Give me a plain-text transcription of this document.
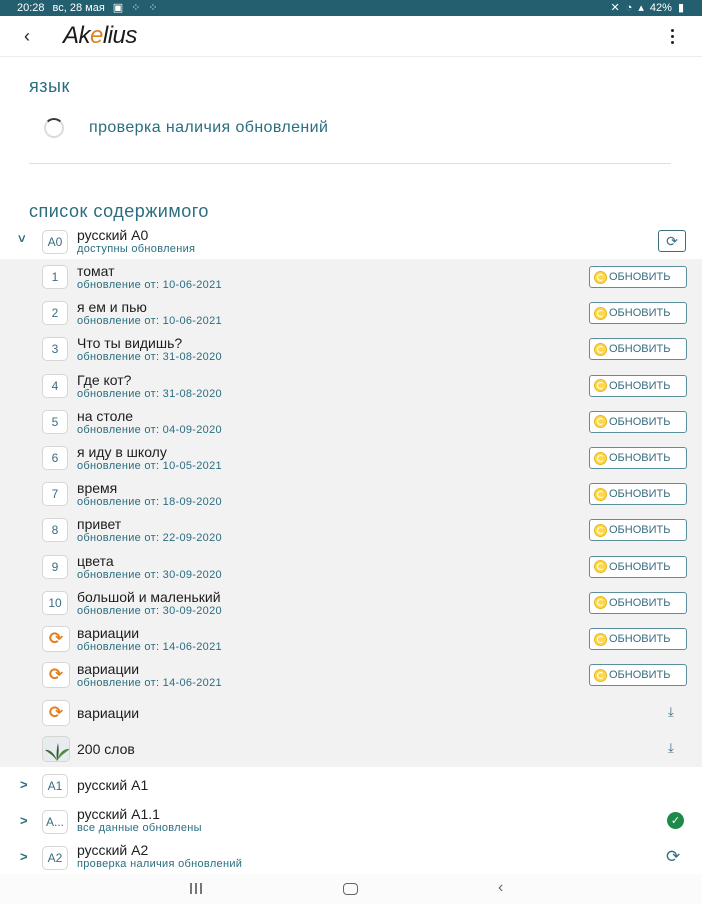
20:28 вс, 28 мая ▣ ⁘ ⁘	✕ ◔ ▴ 42% ▮
‹ Akelius
язык
проверка наличия обновлений
список содержимого
>	A0	русский A0
доступны обновления
⟳
1	томат
обновление от: 10-06-2021
ОБНОВИТЬ
2	я ем и пью
обновление от: 10-06-2021
ОБНОВИТЬ
3	Что ты видишь?
обновление от: 31-08-2020
ОБНОВИТЬ
4	Где кот?
обновление от: 31-08-2020
ОБНОВИТЬ
5	на столе
обновление от: 04-09-2020
ОБНОВИТЬ
6	я иду в школу
обновление от: 10-05-2021
ОБНОВИТЬ
7	время
обновление от: 18-09-2020
ОБНОВИТЬ
8	привет
обновление от: 22-09-2020
ОБНОВИТЬ
9	цвета
обновление от: 30-09-2020
ОБНОВИТЬ
10	большой и маленький
обновление от: 30-09-2020
ОБНОВИТЬ
⟳ вариации
обновление от: 14-06-2021
ОБНОВИТЬ
⟳ вариации
обновление от: 14-06-2021
ОБНОВИТЬ
⟳ вариации	⤓
200 слов	⤓
>	A1	русский A1
>	A... русский A1.1
все данные обновлены
✓
>	A2	русский A2
проверка наличия обновлений	⟳
‹
